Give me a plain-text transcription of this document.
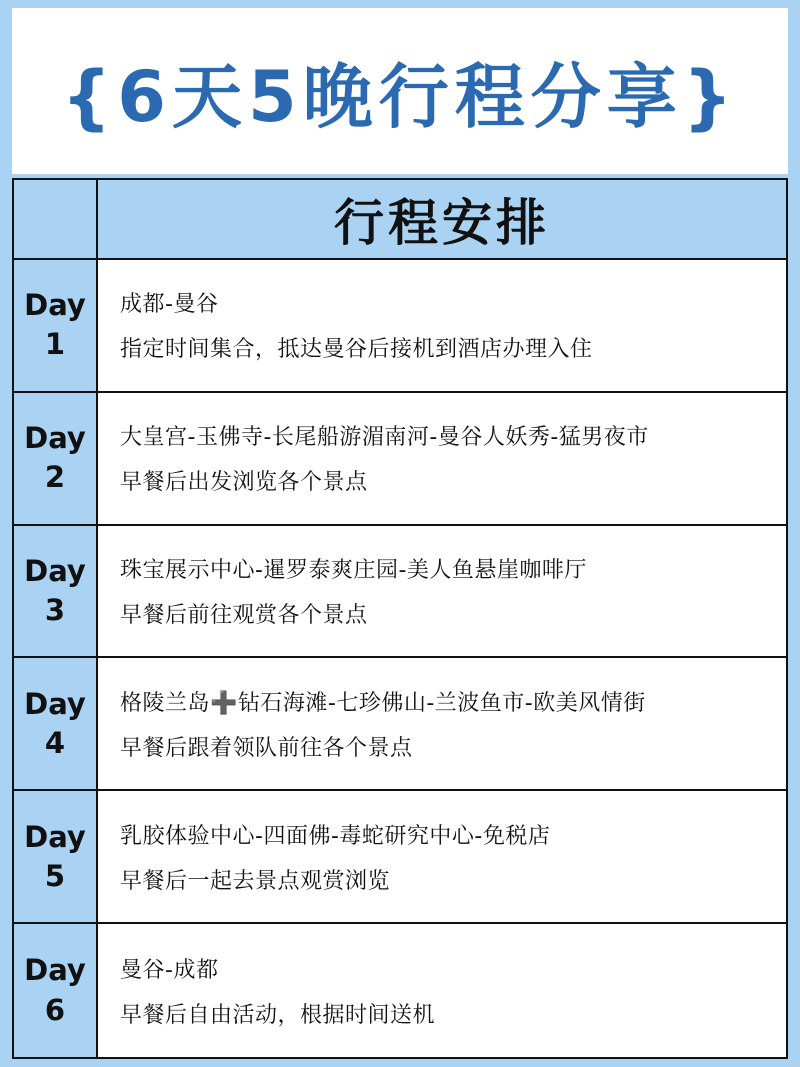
{6天5晚行程分享}
行程安排
Day
1
成都-曼谷
指定时间集合，抵达曼谷后接机到酒店办理入住
Day
2
大皇宫-玉佛寺-长尾船游湄南河-曼谷人妖秀-猛男夜市
早餐后出发浏览各个景点
Day
3
珠宝展示中心-暹罗泰爽庄园-美人鱼悬崖咖啡厅
早餐后前往观赏各个景点
Day
4
格陵兰岛➕钻石海滩-七珍佛山-兰波鱼市-欧美风情街
早餐后跟着领队前往各个景点
Day
5
乳胶体验中心-四面佛-毒蛇研究中心-免税店
早餐后一起去景点观赏浏览
Day
6
曼谷-成都
早餐后自由活动，根据时间送机
